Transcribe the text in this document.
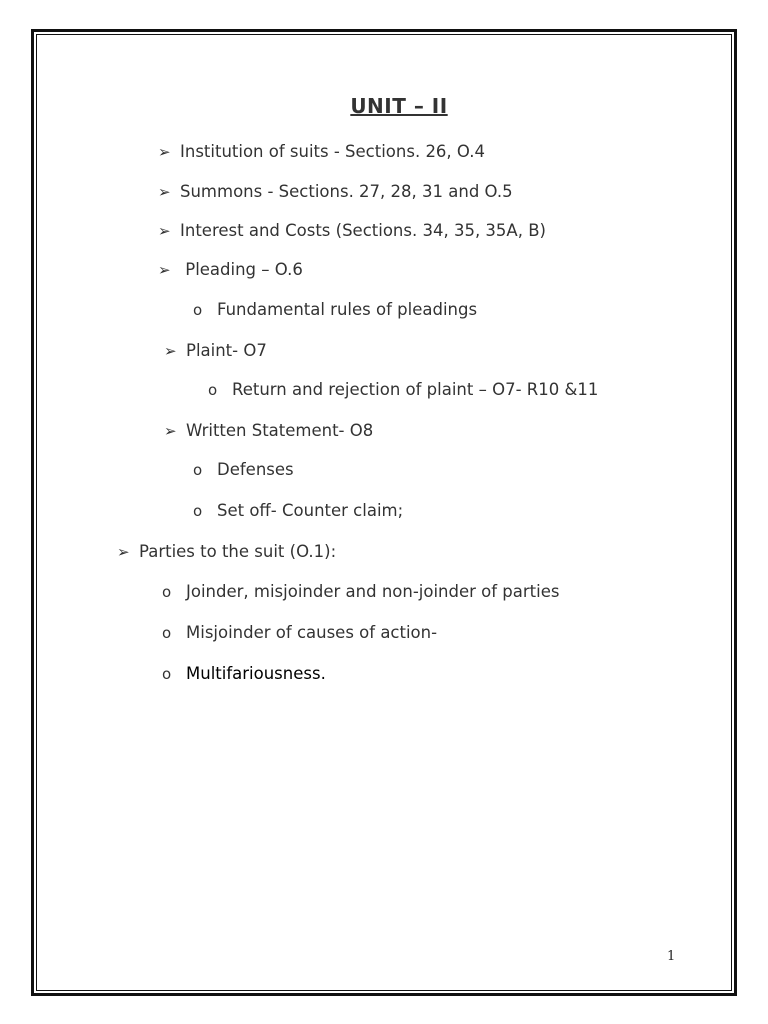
UNIT – II
➢ Institution of suits - Sections. 26, O.4
➢ Summons - Sections. 27, 28, 31 and O.5
➢ Interest and Costs (Sections. 34, 35, 35A, B)
➢ Pleading – O.6
o Fundamental rules of pleadings
➢ Plaint- O7
o Return and rejection of plaint – O7- R10 &11
➢ Written Statement- O8
o Defenses
o Set off- Counter claim;
➢ Parties to the suit (O.1):
o Joinder, misjoinder and non-joinder of parties
o Misjoinder of causes of action-
o Multifariousness.
1
